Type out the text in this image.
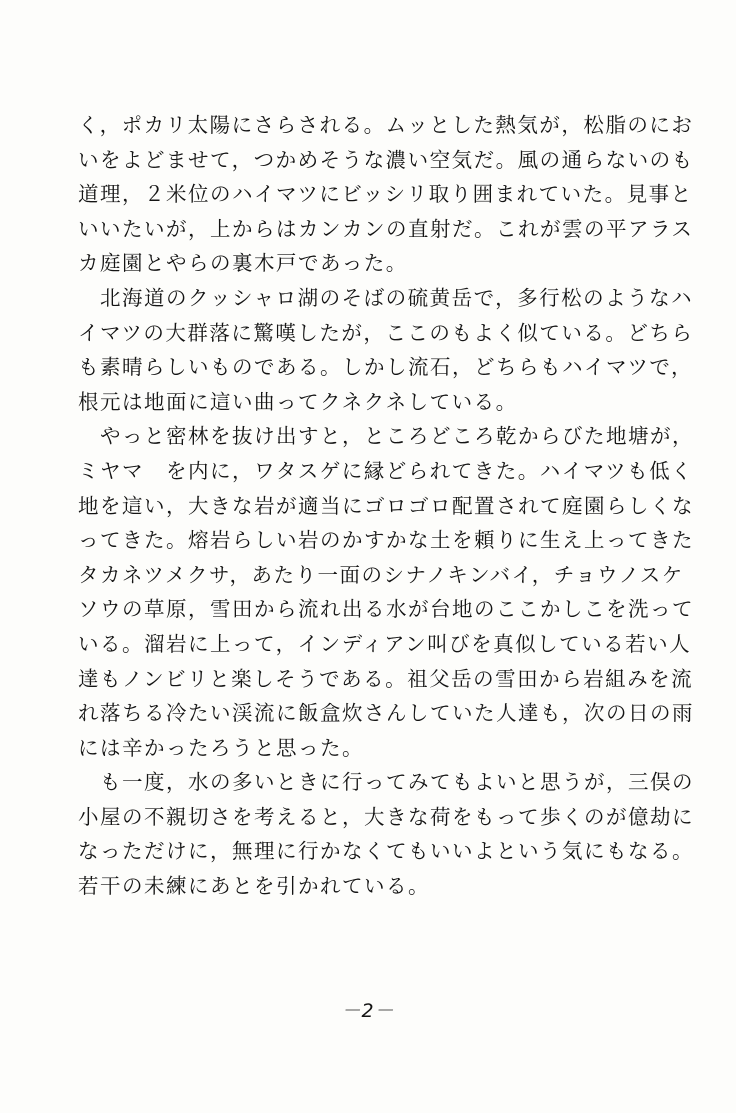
く，ポカリ太陽にさらされる。ムッとした熱気が，松脂のにお
いをよどませて，つかめそうな濃い空気だ。風の通らないのも
道理，２米位のハイマツにビッシリ取り囲まれていた。見事と
いいたいが，上からはカンカンの直射だ。これが雲の平アラス
カ庭園とやらの裏木戸であった。
　北海道のクッシャロ湖のそばの硫黄岳で，多行松のようなハ
イマツの大群落に驚嘆したが，ここのもよく似ている。どちら
も素晴らしいものである。しかし流石，どちらもハイマツで，
根元は地面に這い曲ってクネクネしている。
　やっと密林を抜け出すと，ところどころ乾からびた地塘が，
ミヤマ　を内に，ワタスゲに縁どられてきた。ハイマツも低く
地を這い，大きな岩が適当にゴロゴロ配置されて庭園らしくな
ってきた。熔岩らしい岩のかすかな土を頼りに生え上ってきた
タカネツメクサ，あたり一面のシナノキンバイ，チョウノスケ
ソウの草原，雪田から流れ出る水が台地のここかしこを洗って
いる。溜岩に上って，インディアン叫びを真似している若い人
達もノンビリと楽しそうである。祖父岳の雪田から岩組みを流
れ落ちる冷たい渓流に飯盒炊さんしていた人達も，次の日の雨
には辛かったろうと思った。
　も一度，水の多いときに行ってみてもよいと思うが，三俣の
小屋の不親切さを考えると，大きな荷をもって歩くのが億劫に
なっただけに，無理に行かなくてもいいよという気にもなる。
若干の未練にあとを引かれている。
－2－
